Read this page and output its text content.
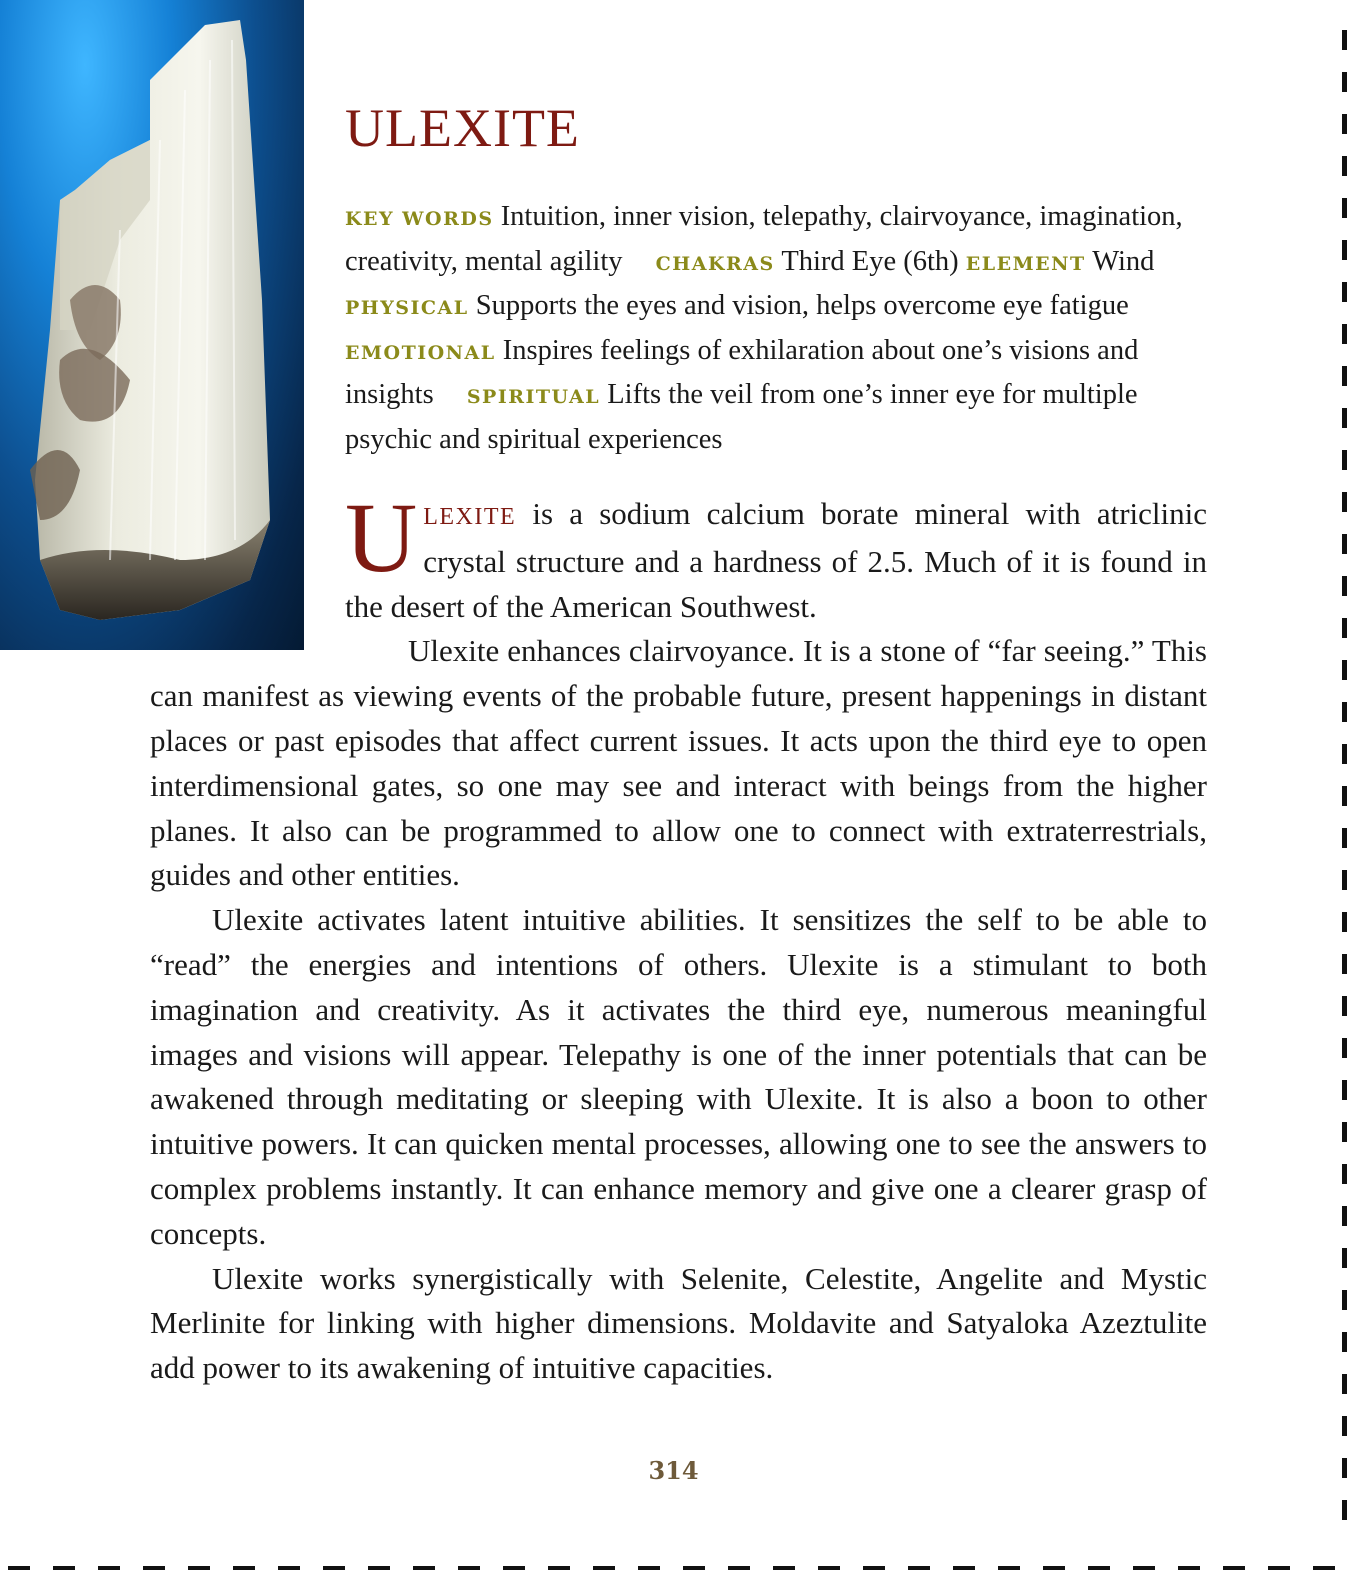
ULEXITE

KEY WORDS Intuition, inner vision, telepathy, clairvoyance, imagination, creativity, mental agility CHAKRAS Third Eye (6th) ELEMENT Wind PHYSICAL Supports the eyes and vision, helps overcome eye fatigue EMOTIONAL Inspires feelings of exhilaration about one’s visions and insights SPIRITUAL Lifts the veil from one’s inner eye for multiple psychic and spiritual experiences

ULEXITE is a sodium calcium borate mineral with atriclinic crystal structure and a hardness of 2.5. Much of it is found in the desert of the American Southwest.

Ulexite enhances clairvoyance. It is a stone of “far seeing.” This can manifest as viewing events of the probable future, present happenings in distant places or past episodes that affect current issues. It acts upon the third eye to open interdimensional gates, so one may see and interact with beings from the higher planes. It also can be programmed to allow one to connect with extraterrestrials, guides and other entities.

Ulexite activates latent intuitive abilities. It sensitizes the self to be able to “read” the energies and intentions of others. Ulexite is a stimulant to both imagination and creativity. As it activates the third eye, numerous meaningful images and visions will appear. Telepathy is one of the inner potentials that can be awakened through meditating or sleeping with Ulexite. It is also a boon to other intuitive powers. It can quicken mental processes, allowing one to see the answers to complex problems instantly. It can enhance memory and give one a clearer grasp of concepts.

Ulexite works synergistically with Selenite, Celestite, Angelite and Mystic Merlinite for linking with higher dimensions. Moldavite and Satyaloka Azeztulite add power to its awakening of intuitive capacities.

314
